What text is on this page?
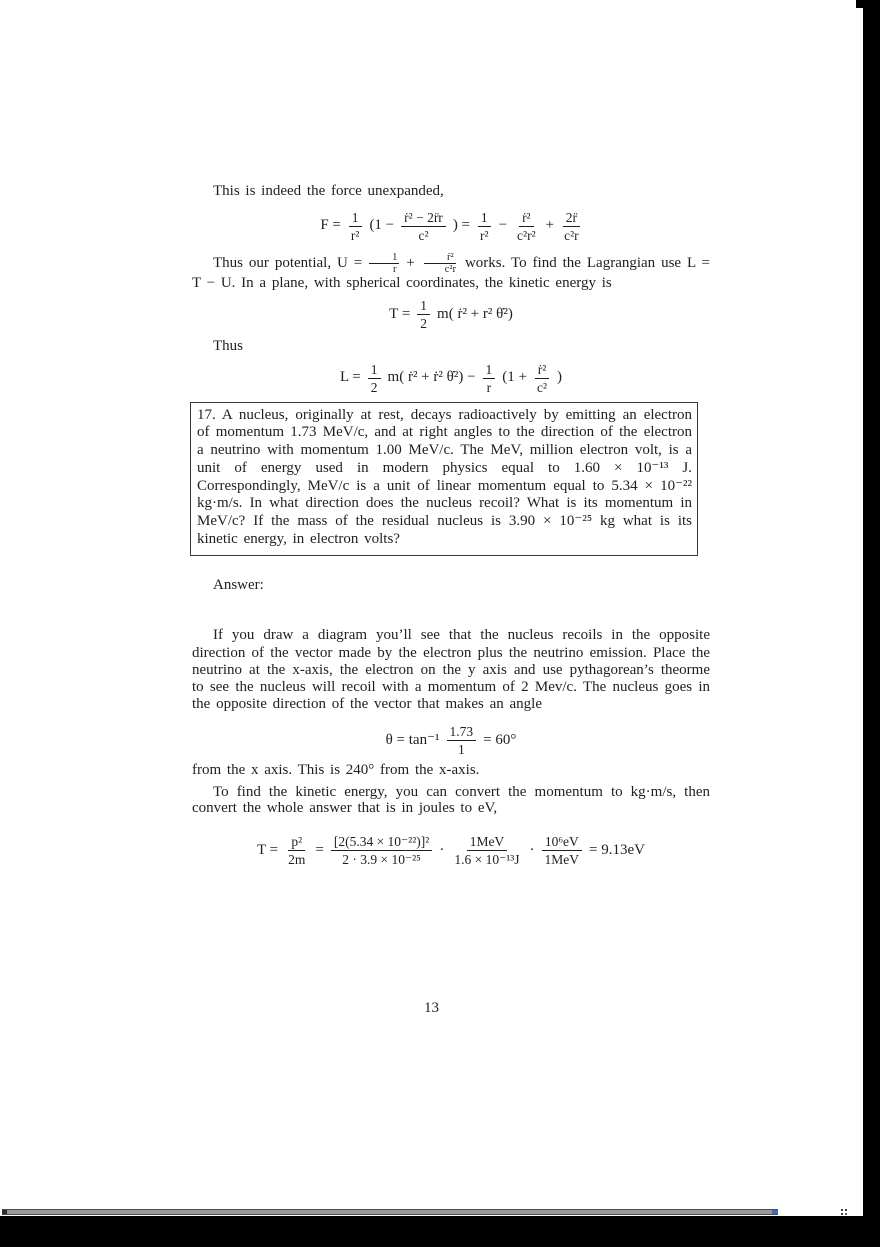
This is indeed the force unexpanded,

$F = \frac{1}{\text{r²}} (1 - \frac{\text{ṙ² − 2r̈r}}{\text{c²}}$ ) = $\frac{1}{\text{r²}} - \frac{\text{ṙ²}}{\text{c²r²}} + \frac{2r̈}{\text{c²r}}$

Thus our potential, $U = \frac{1}{r} + \frac{\text{ṙ²}}{\text{c²r}}$ works. To find the Lagrangian use L = T − U. In a plane, with spherical coordinates, the kinetic energy is

$T = \frac{1}{2} m$( ṙ² + r² θ̇²)

Thus

$L = \frac{1}{2} m$( ṙ² + ṙ² θ̇²) − $\frac{1}{r} (1 + \frac{\text{ṙ²}}{\text{c²}}$ )
17. A nucleus, originally at rest, decays radioactively by emitting an electron of momentum 1.73 MeV/c, and at right angles to the direction of the electron a neutrino with momentum 1.00 MeV/c. The MeV, million electron volt, is a unit of energy used in modern physics equal to 1.60 × 10⁻¹³ J. Correspondingly, MeV/c is a unit of linear momentum equal to 5.34 × 10⁻²² kg·m/s. In what direction does the nucleus recoil? What is its momentum in MeV/c? If the mass of the residual nucleus is 3.90 × 10⁻²⁵ kg what is its kinetic energy, in electron volts?

Answer:

If you draw a diagram you’ll see that the nucleus recoils in the opposite direction of the vector made by the electron plus the neutrino emission. Place the neutrino at the x-axis, the electron on the y axis and use pythagorean’s theorme to see the nucleus will recoil with a momentum of 2 Mev/c. The nucleus goes in the opposite direction of the vector that makes an angle

$\theta = \tan^{-1} \frac{1.73}{1} = 60^\circ$

from the x axis. This is 240° from the x-axis.

To find the kinetic energy, you can convert the momentum to kg·m/s, then convert the whole answer that is in joules to eV,

$T = \frac{\text{p²}}{2m} = \frac{\text{[2(5.34 × 10⁻²²)]²}}{\text{2 · 3.9 × 10⁻²⁵}} \cdot \frac{\text{1MeV}}{\text{1.6 × 10⁻¹³J}} \cdot \frac{\text{10⁶eV}}{\text{1MeV}} = 9.13eV$
13
